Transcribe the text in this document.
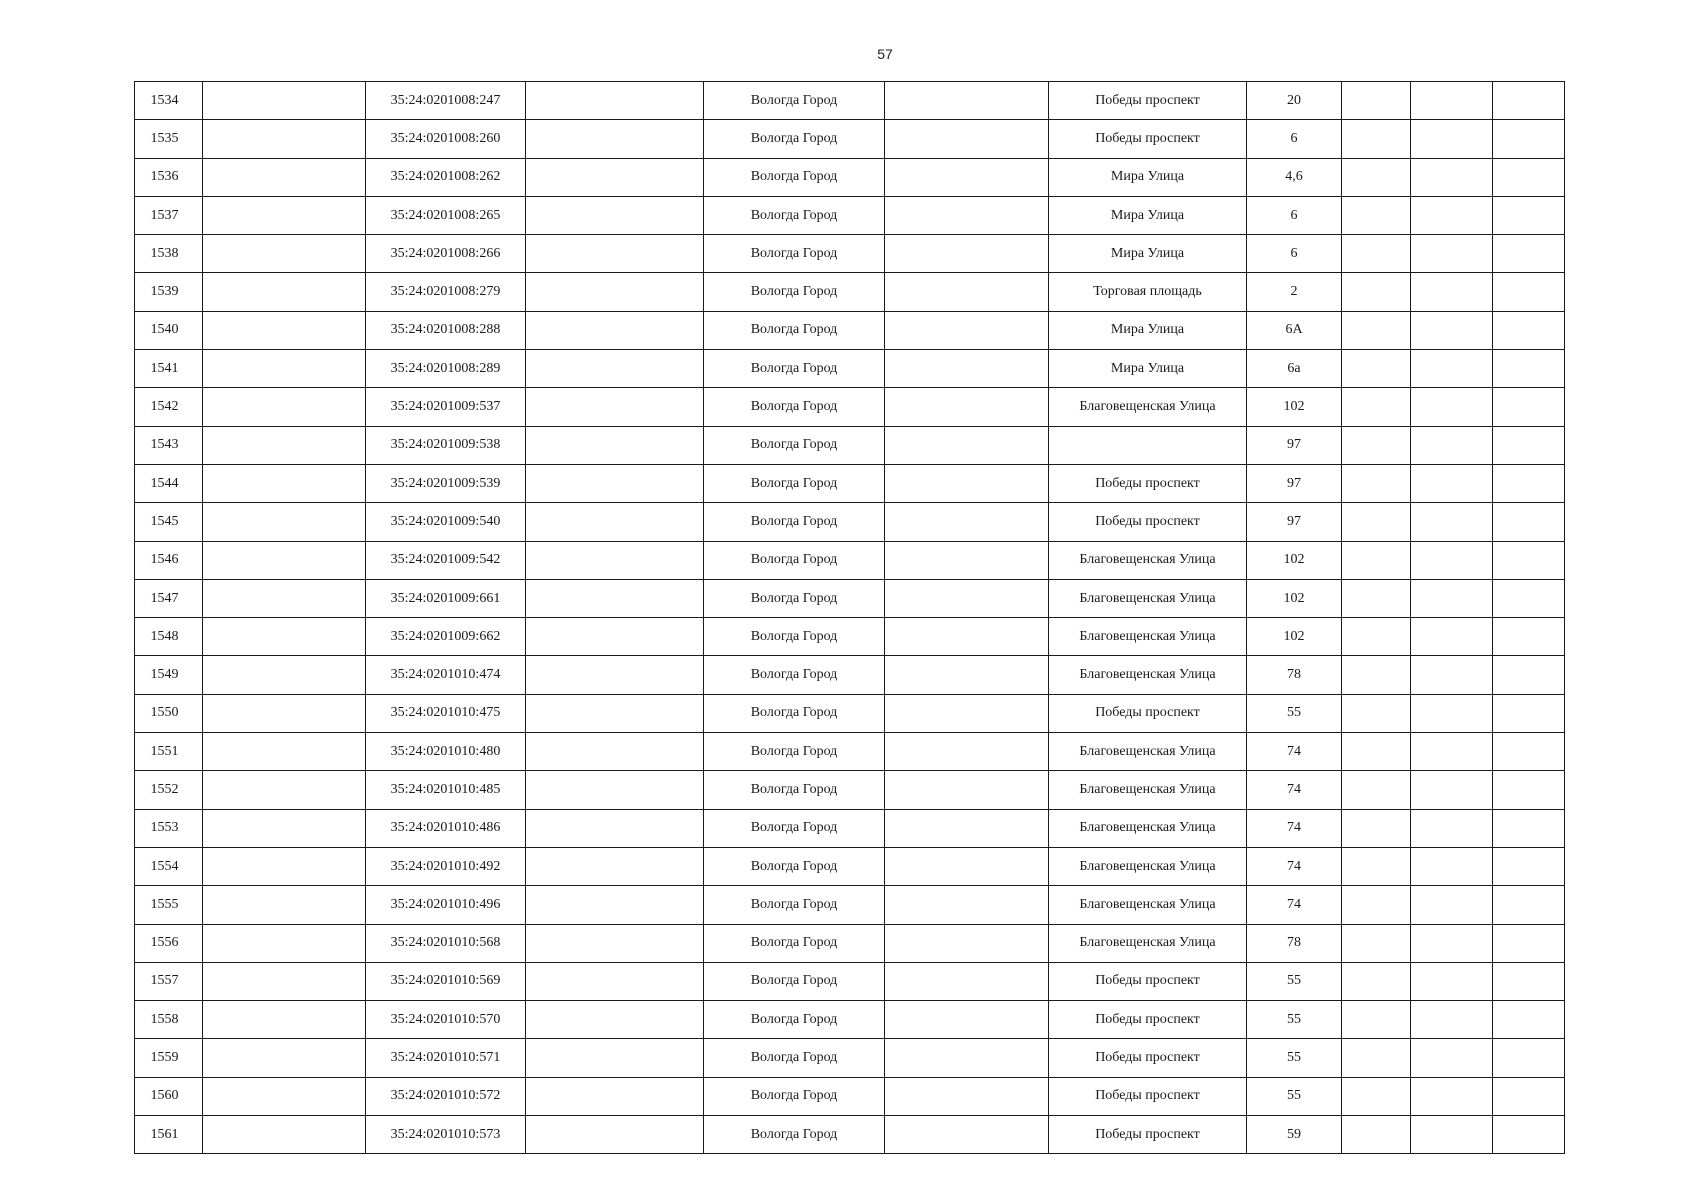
57
1534		35:24:0201008:247		Вологда Город		Победы проспект	20			
1535		35:24:0201008:260		Вологда Город		Победы проспект	6			
1536		35:24:0201008:262		Вологда Город		Мира Улица	4,6			
1537		35:24:0201008:265		Вологда Город		Мира Улица	6			
1538		35:24:0201008:266		Вологда Город		Мира Улица	6			
1539		35:24:0201008:279		Вологда Город		Торговая площадь	2			
1540		35:24:0201008:288		Вологда Город		Мира Улица	6А			
1541		35:24:0201008:289		Вологда Город		Мира Улица	6а			
1542		35:24:0201009:537		Вологда Город		Благовещенская Улица	102			
1543		35:24:0201009:538		Вологда Город			97			
1544		35:24:0201009:539		Вологда Город		Победы проспект	97			
1545		35:24:0201009:540		Вологда Город		Победы проспект	97			
1546		35:24:0201009:542		Вологда Город		Благовещенская Улица	102			
1547		35:24:0201009:661		Вологда Город		Благовещенская Улица	102			
1548		35:24:0201009:662		Вологда Город		Благовещенская Улица	102			
1549		35:24:0201010:474		Вологда Город		Благовещенская Улица	78			
1550		35:24:0201010:475		Вологда Город		Победы проспект	55			
1551		35:24:0201010:480		Вологда Город		Благовещенская Улица	74			
1552		35:24:0201010:485		Вологда Город		Благовещенская Улица	74			
1553		35:24:0201010:486		Вологда Город		Благовещенская Улица	74			
1554		35:24:0201010:492		Вологда Город		Благовещенская Улица	74			
1555		35:24:0201010:496		Вологда Город		Благовещенская Улица	74			
1556		35:24:0201010:568		Вологда Город		Благовещенская Улица	78			
1557		35:24:0201010:569		Вологда Город		Победы проспект	55			
1558		35:24:0201010:570		Вологда Город		Победы проспект	55			
1559		35:24:0201010:571		Вологда Город		Победы проспект	55			
1560		35:24:0201010:572		Вологда Город		Победы проспект	55			
1561		35:24:0201010:573		Вологда Город		Победы проспект	59			
